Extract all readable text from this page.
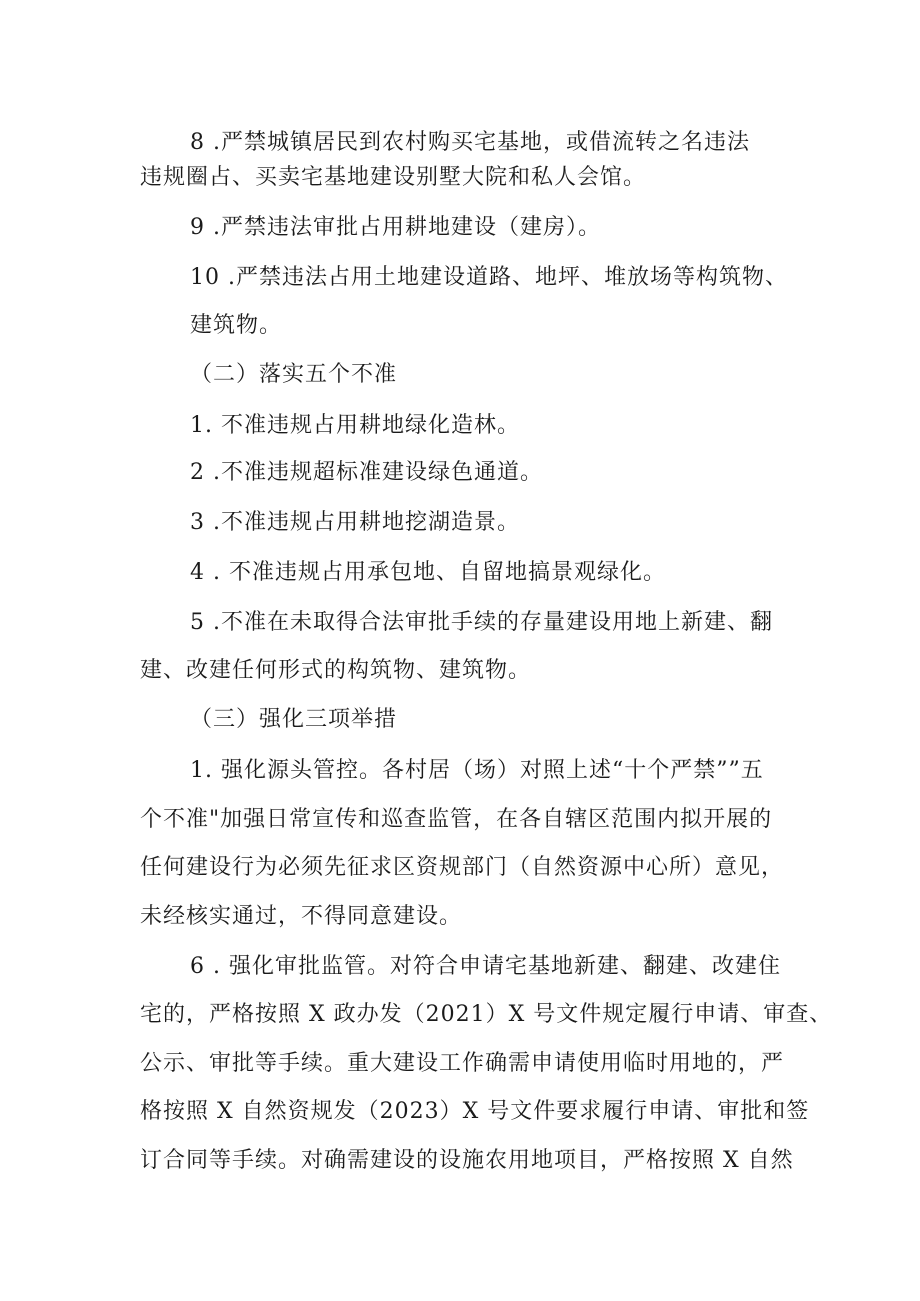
8 .严禁城镇居民到农村购买宅基地，或借流转之名违法
违规圈占、买卖宅基地建设别墅大院和私人会馆。
9 .严禁违法审批占用耕地建设（建房）。
10 .严禁违法占用土地建设道路、地坪、堆放场等构筑物、
建筑物。
（二）落实五个不准
1. 不准违规占用耕地绿化造林。
2 .不准违规超标准建设绿色通道。
3 .不准违规占用耕地挖湖造景。
4 . 不准违规占用承包地、自留地搞景观绿化。
5 .不准在未取得合法审批手续的存量建设用地上新建、翻
建、改建任何形式的构筑物、建筑物。
（三）强化三项举措
1. 强化源头管控。各村居（场）对照上述“十个严禁””五
个不准"加强日常宣传和巡查监管，在各自辖区范围内拟开展的
任何建设行为必须先征求区资规部门（自然资源中心所）意见，
未经核实通过，不得同意建设。
6 . 强化审批监管。对符合申请宅基地新建、翻建、改建住
宅的，严格按照 X 政办发（2021）X 号文件规定履行申请、审查、
公示、审批等手续。重大建设工作确需申请使用临时用地的，严
格按照 X 自然资规发（2023）X 号文件要求履行申请、审批和签
订合同等手续。对确需建设的设施农用地项目，严格按照 X 自然
